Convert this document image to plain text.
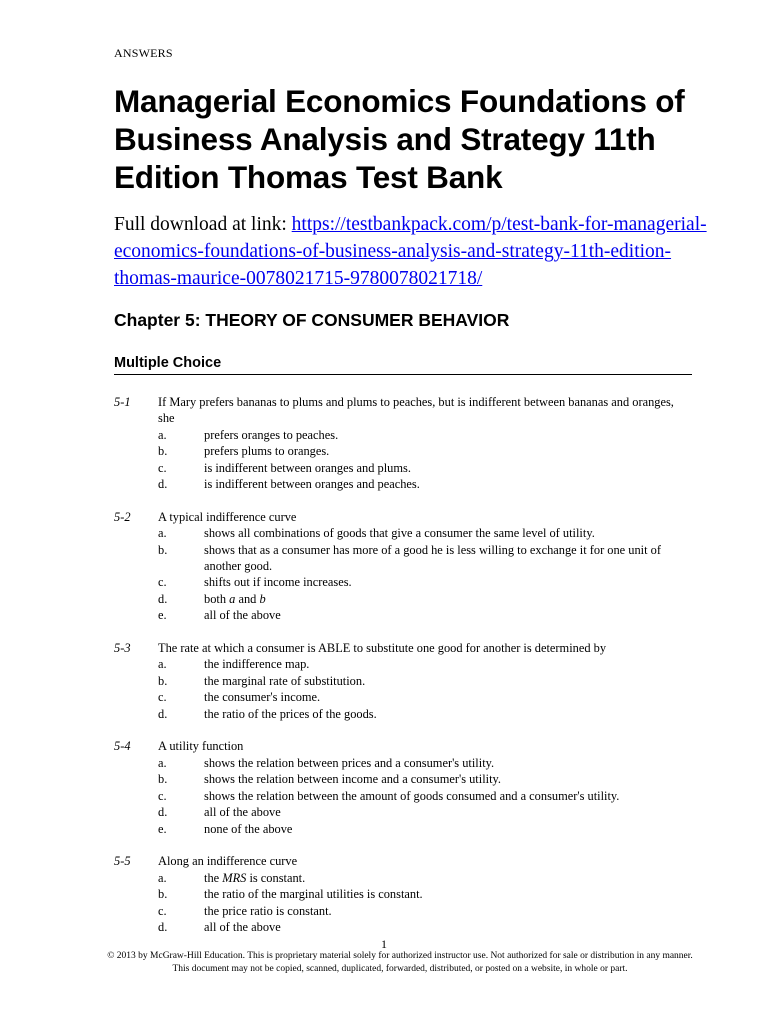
ANSWERS
Managerial Economics Foundations of Business Analysis and Strategy 11th Edition Thomas Test Bank
Full download at link: https://testbankpack.com/p/test-bank-for-managerial-economics-foundations-of-business-analysis-and-strategy-11th-edition-thomas-maurice-0078021715-9780078021718/
Chapter 5: THEORY OF CONSUMER BEHAVIOR
Multiple Choice
5-1	If Mary prefers bananas to plums and plums to peaches, but is indifferent between bananas and oranges, she
a.	prefers oranges to peaches.
b.	prefers plums to oranges.
c.	is indifferent between oranges and plums.
d.	is indifferent between oranges and peaches.
5-2	A typical indifference curve
a.	shows all combinations of goods that give a consumer the same level of utility.
b.	shows that as a consumer has more of a good he is less willing to exchange it for one unit of another good.
c.	shifts out if income increases.
d.	both a and b
e.	all of the above
5-3	The rate at which a consumer is ABLE to substitute one good for another is determined by
a.	the indifference map.
b.	the marginal rate of substitution.
c.	the consumer's income.
d.	the ratio of the prices of the goods.
5-4	A utility function
a.	shows the relation between prices and a consumer's utility.
b.	shows the relation between income and a consumer's utility.
c.	shows the relation between the amount of goods consumed and a consumer's utility.
d.	all of the above
e.	none of the above
5-5	Along an indifference curve
a.	the MRS is constant.
b.	the ratio of the marginal utilities is constant.
c.	the price ratio is constant.
d.	all of the above
1
© 2013 by McGraw-Hill Education. This is proprietary material solely for authorized instructor use. Not authorized for sale or distribution in any manner. This document may not be copied, scanned, duplicated, forwarded, distributed, or posted on a website, in whole or part.
